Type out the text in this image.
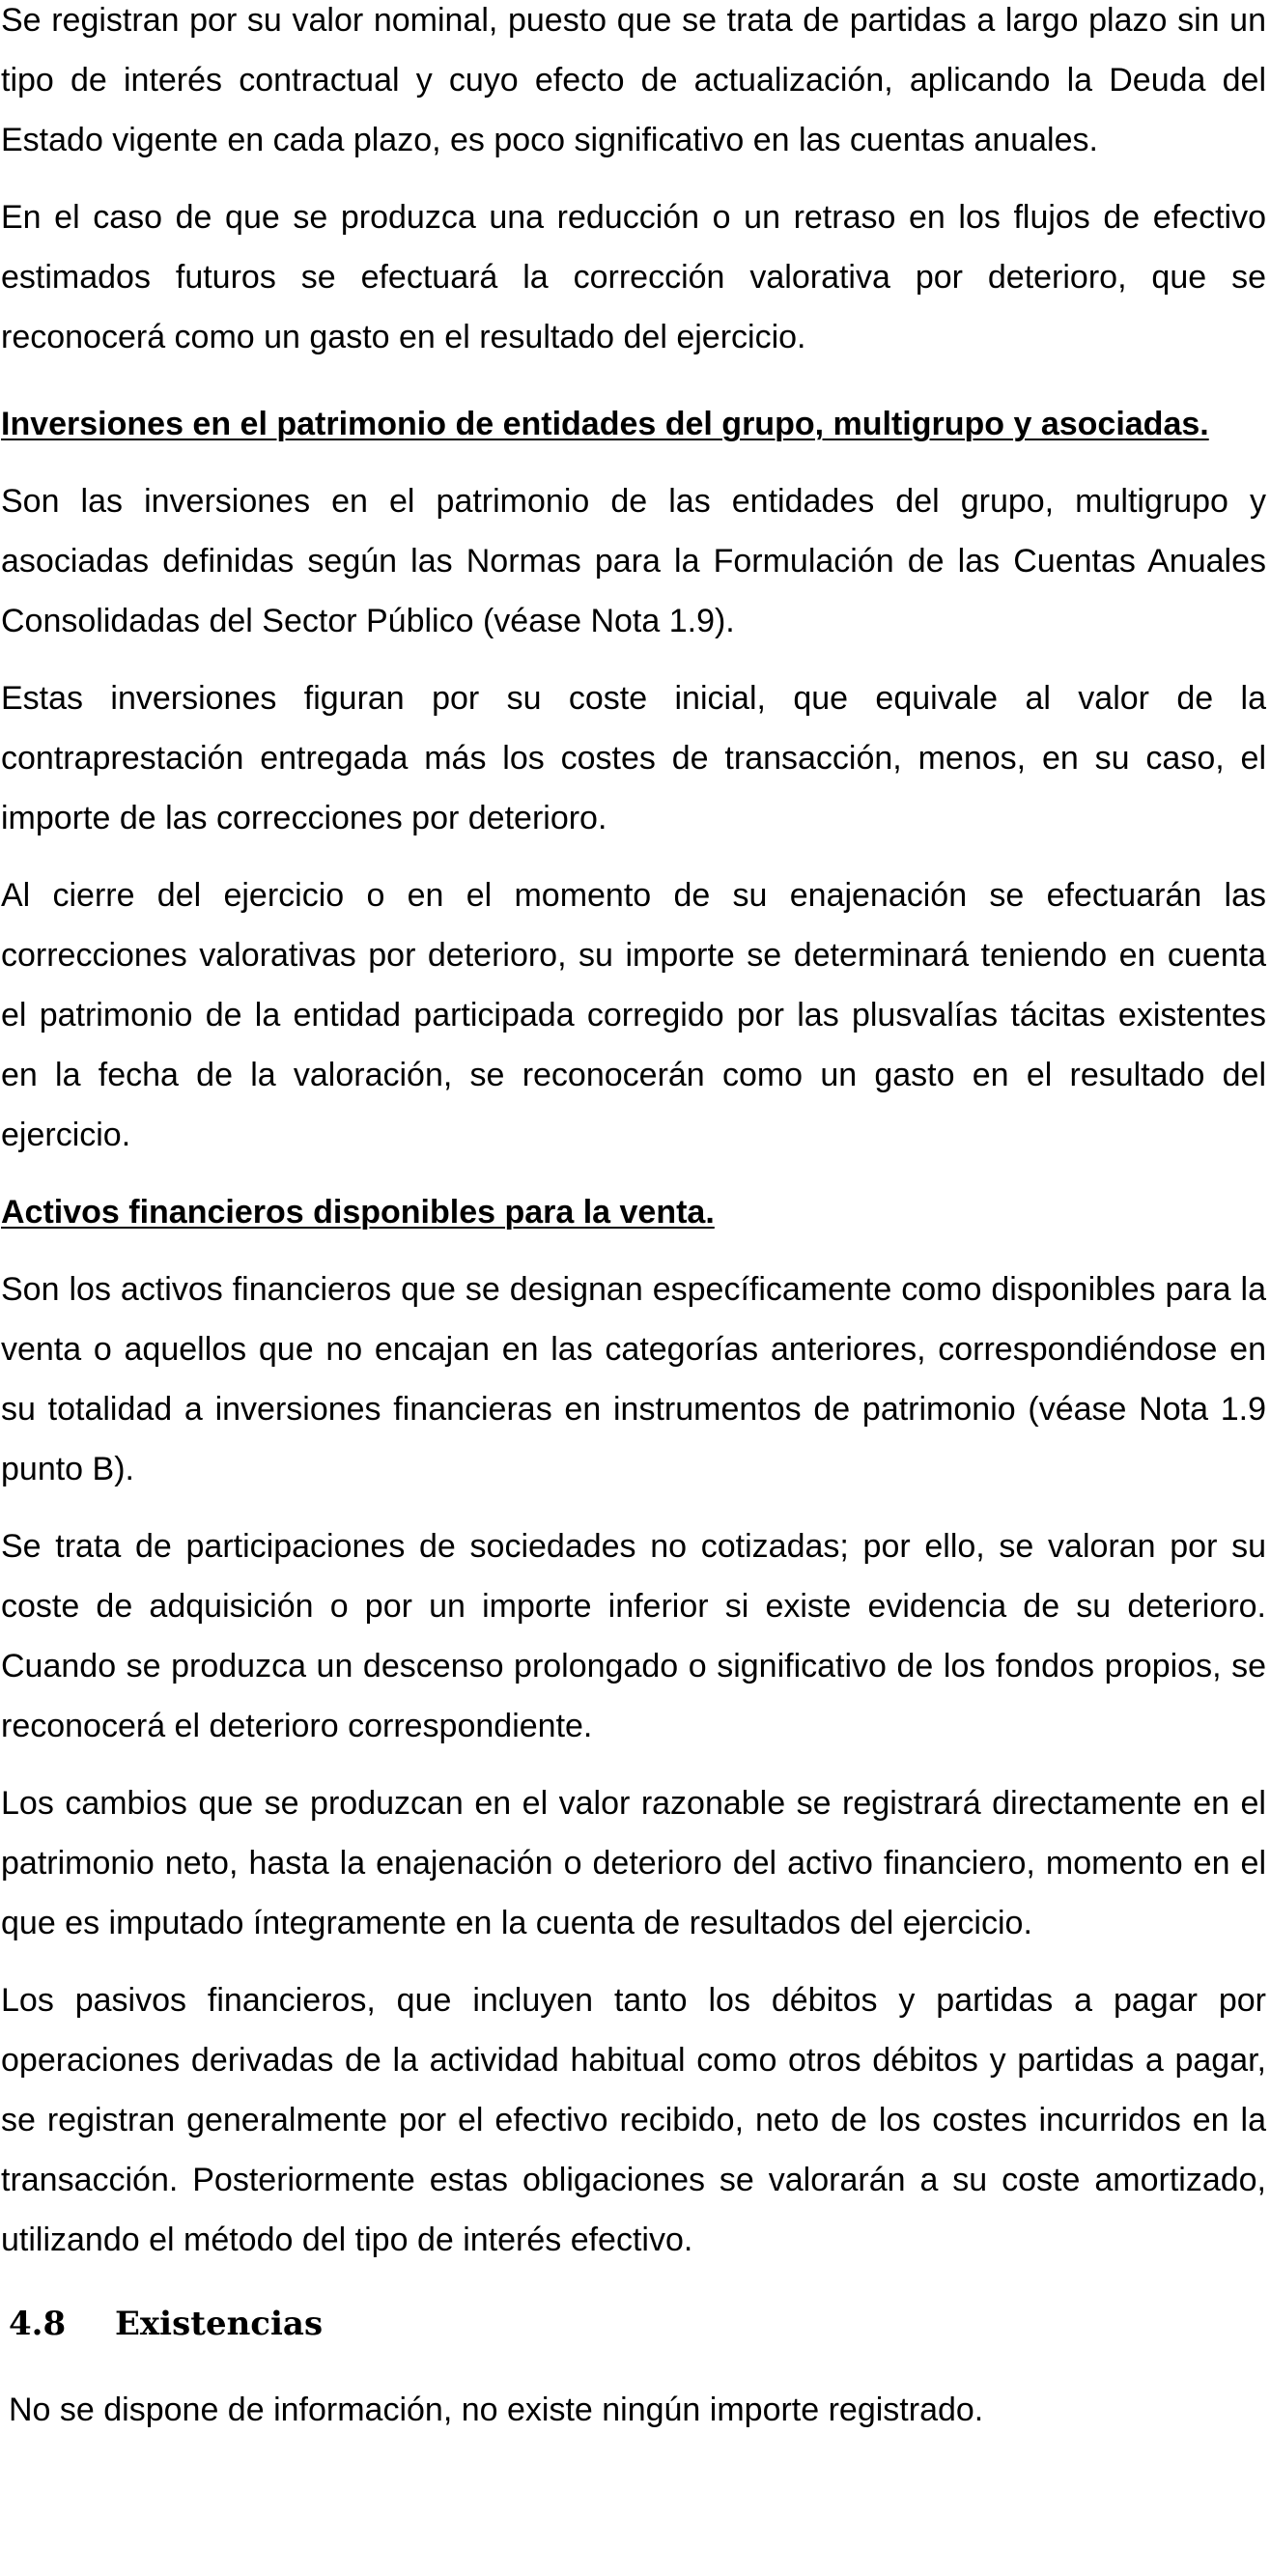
Se registran por su valor nominal, puesto que se trata de partidas a largo plazo sin un tipo de interés contractual y cuyo efecto de actualización, aplicando la Deuda del Estado vigente en cada plazo, es poco significativo en las cuentas anuales.

En el caso de que se produzca una reducción o un retraso en los flujos de efectivo estimados futuros se efectuará la corrección valorativa por deterioro, que se reconocerá como un gasto en el resultado del ejercicio.

Inversiones en el patrimonio de entidades del grupo, multigrupo y asociadas.

Son las inversiones en el patrimonio de las entidades del grupo, multigrupo y asociadas definidas según las Normas para la Formulación de las Cuentas Anuales Consolidadas del Sector Público (véase Nota 1.9).

Estas inversiones figuran por su coste inicial, que equivale al valor de la contraprestación entregada más los costes de transacción, menos, en su caso, el importe de las correcciones por deterioro.

Al cierre del ejercicio o en el momento de su enajenación se efectuarán las correcciones valorativas por deterioro, su importe se determinará teniendo en cuenta el patrimonio de la entidad participada corregido por las plusvalías tácitas existentes en la fecha de la valoración, se reconocerán como un gasto en el resultado del ejercicio.

Activos financieros disponibles para la venta.

Son los activos financieros que se designan específicamente como disponibles para la venta o aquellos que no encajan en las categorías anteriores, correspondiéndose en su totalidad a inversiones financieras en instrumentos de patrimonio (véase Nota 1.9 punto B).

Se trata de participaciones de sociedades no cotizadas; por ello, se valoran por su coste de adquisición o por un importe inferior si existe evidencia de su deterioro. Cuando se produzca un descenso prolongado o significativo de los fondos propios, se reconocerá el deterioro correspondiente.

Los cambios que se produzcan en el valor razonable se registrará directamente en el patrimonio neto, hasta la enajenación o deterioro del activo financiero, momento en el que es imputado íntegramente en la cuenta de resultados del ejercicio.

Los pasivos financieros, que incluyen tanto los débitos y partidas a pagar por operaciones derivadas de la actividad habitual como otros débitos y partidas a pagar, se registran generalmente por el efectivo recibido, neto de los costes incurridos en la transacción. Posteriormente estas obligaciones se valorarán a su coste amortizado, utilizando el método del tipo de interés efectivo.

4.8	Existencias

No se dispone de información, no existe ningún importe registrado.
